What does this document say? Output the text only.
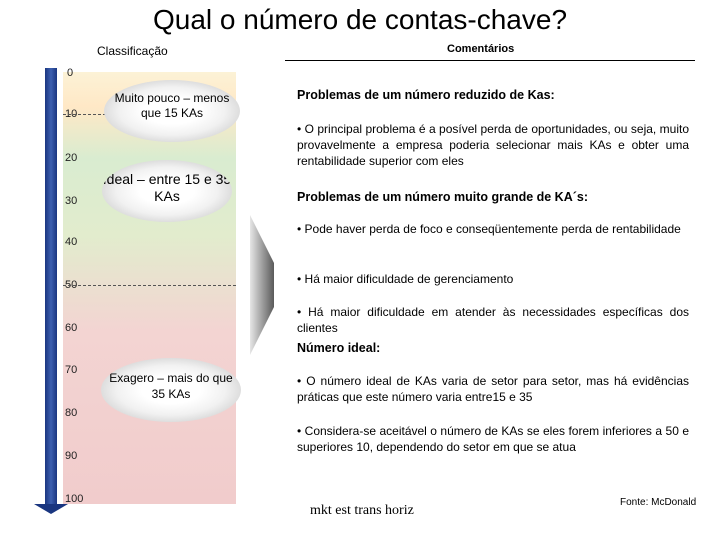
Qual o número de contas-chave?
Classificação	Comentários
0
10
20
30
40
50
60
70
80
90
100
Muito pouco – menos que 15 KAs
Ideal – entre 15 e 35 KAs
Exagero – mais do que 35 KAs
Problemas de um número reduzido de Kas:
• O principal problema é a posível perda de oportunidades, ou seja, muito provavelmente a empresa poderia selecionar mais KAs e obter uma rentabilidade superior com eles
Problemas de um número muito grande de KA´s:
• Pode haver perda de foco e conseqüentemente perda de rentabilidade
• Há maior dificuldade de gerenciamento
• Há maior dificuldade em atender às necessidades específicas dos clientes
Número ideal:
• O número ideal de KAs varia de setor para setor, mas há evidências práticas que este número varia entre15 e 35
• Considera-se aceitável o número de KAs se eles forem inferiores a 50 e superiores 10, dependendo do setor em que se atua
mkt est trans horiz
Fonte: McDonald
